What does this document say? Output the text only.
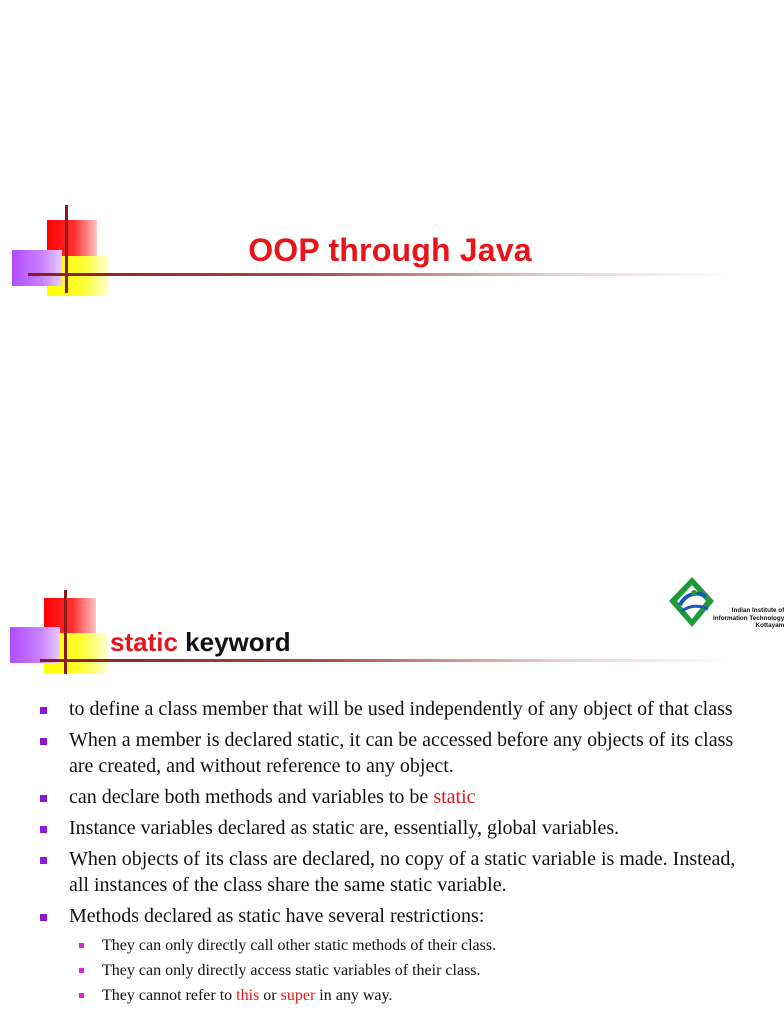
OOP through Java
static keyword
Indian Institute of
Information Technology
Kottayam
to define a class member that will be used independently of any object of that class
When a member is declared static, it can be accessed before any objects of its class are created, and without reference to any object.
can declare both methods and variables to be static
Instance variables declared as static are, essentially, global variables.
When objects of its class are declared, no copy of a static variable is made. Instead, all instances of the class share the same static variable.
Methods declared as static have several restrictions:
They can only directly call other static methods of their class.
They can only directly access static variables of their class.
They cannot refer to this or super in any way.
